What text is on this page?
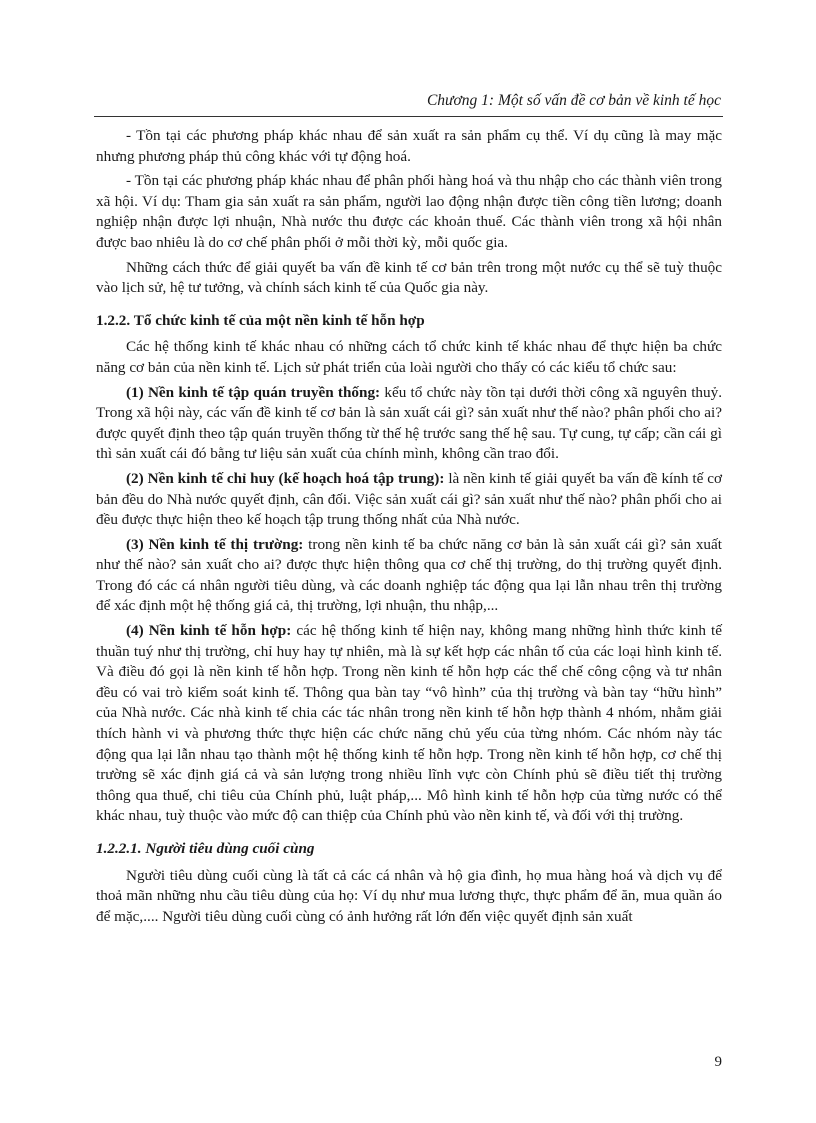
Chương 1: Một số vấn đề cơ bản về kinh tế học

- Tồn tại các phương pháp khác nhau để sản xuất ra sản phẩm cụ thể. Ví dụ cũng là may mặc nhưng phương pháp thủ công khác với tự động hoá.

- Tồn tại các phương pháp khác nhau để phân phối hàng hoá và thu nhập cho các thành viên trong xã hội. Ví dụ: Tham gia sản xuất ra sản phẩm, người lao động nhận được tiền công tiền lương; doanh nghiệp nhận được lợi nhuận, Nhà nước thu được các khoản thuế. Các thành viên trong xã hội nhân được bao nhiêu là do cơ chế phân phối ở mỗi thời kỳ, mỗi quốc gia.

Những cách thức để giải quyết ba vấn đề kinh tế cơ bản trên trong một nước cụ thể sẽ tuỳ thuộc vào lịch sử, hệ tư tưởng, và chính sách kinh tế của Quốc gia này.

1.2.2. Tổ chức kinh tế của một nền kinh tế hỗn hợp

Các hệ thống kinh tế khác nhau có những cách tổ chức kinh tế khác nhau để thực hiện ba chức năng cơ bản của nền kinh tế. Lịch sử phát triển của loài người cho thấy có các kiểu tổ chức sau:

(1) Nền kinh tế tập quán truyền thống: kểu tổ chức này tồn tại dưới thời công xã nguyên thuỷ. Trong xã hội này, các vấn đề kinh tế cơ bản là sản xuất cái gì? sản xuất như thế nào? phân phối cho ai? được quyết định theo tập quán truyền thống từ thế hệ trước sang thế hệ sau. Tự cung, tự cấp; cần cái gì thì sản xuất cái đó bằng tư liệu sản xuất của chính mình, không cần trao đổi.

(2) Nền kinh tế chỉ huy (kế hoạch hoá tập trung): là nền kinh tế giải quyết ba vấn đề kính tế cơ bản đều do Nhà nước quyết định, cân đối. Việc sản xuất cái gì? sản xuất như thế nào? phân phối cho ai đều được thực hiện theo kế hoạch tập trung thống nhất của Nhà nước.

(3) Nền kinh tế thị trường: trong nền kinh tế ba chức năng cơ bản là sản xuất cái gì? sản xuất như thế nào? sản xuất cho ai? được thực hiện thông qua cơ chế thị trường, do thị trường quyết định. Trong đó các cá nhân người tiêu dùng, và các doanh nghiệp tác động qua lại lẫn nhau trên thị trường để xác định một hệ thống giá cả, thị trường, lợi nhuận, thu nhập,...

(4) Nền kinh tế hỗn hợp: các hệ thống kinh tế hiện nay, không mang những hình thức kinh tế thuần tuý như thị trường, chỉ huy hay tự nhiên, mà là sự kết hợp các nhân tố của các loại hình kinh tế. Và điều đó gọi là nền kinh tế hỗn hợp. Trong nền kinh tế hỗn hợp các thể chế công cộng và tư nhân đều có vai trò kiểm soát kinh tế. Thông qua bàn tay “vô hình” của thị trường và bàn tay “hữu hình” của Nhà nước. Các nhà kinh tế chia các tác nhân trong nền kinh tế hỗn hợp thành 4 nhóm, nhằm giải thích hành vi và phương thức thực hiện các chức năng chủ yếu của từng nhóm. Các nhóm này tác động qua lại lẫn nhau tạo thành một hệ thống kinh tế hỗn hợp. Trong nền kinh tế hỗn hợp, cơ chế thị trường sẽ xác định giá cả và sản lượng trong nhiều lĩnh vực còn Chính phủ sẽ điều tiết thị trường thông qua thuế, chi tiêu của Chính phủ, luật pháp,... Mô hình kinh tế hỗn hợp của từng nước có thể khác nhau, tuỳ thuộc vào mức độ can thiệp của Chính phủ vào nền kinh tế, và đối với thị trường.

1.2.2.1. Người tiêu dùng cuối cùng

Người tiêu dùng cuối cùng là tất cả các cá nhân và hộ gia đình, họ mua hàng hoá và dịch vụ để thoả mãn những nhu cầu tiêu dùng của họ: Ví dụ như mua lương thực, thực phẩm để ăn, mua quần áo để mặc,.... Người tiêu dùng cuối cùng có ảnh hưởng rất lớn đến việc quyết định sản xuất

9
